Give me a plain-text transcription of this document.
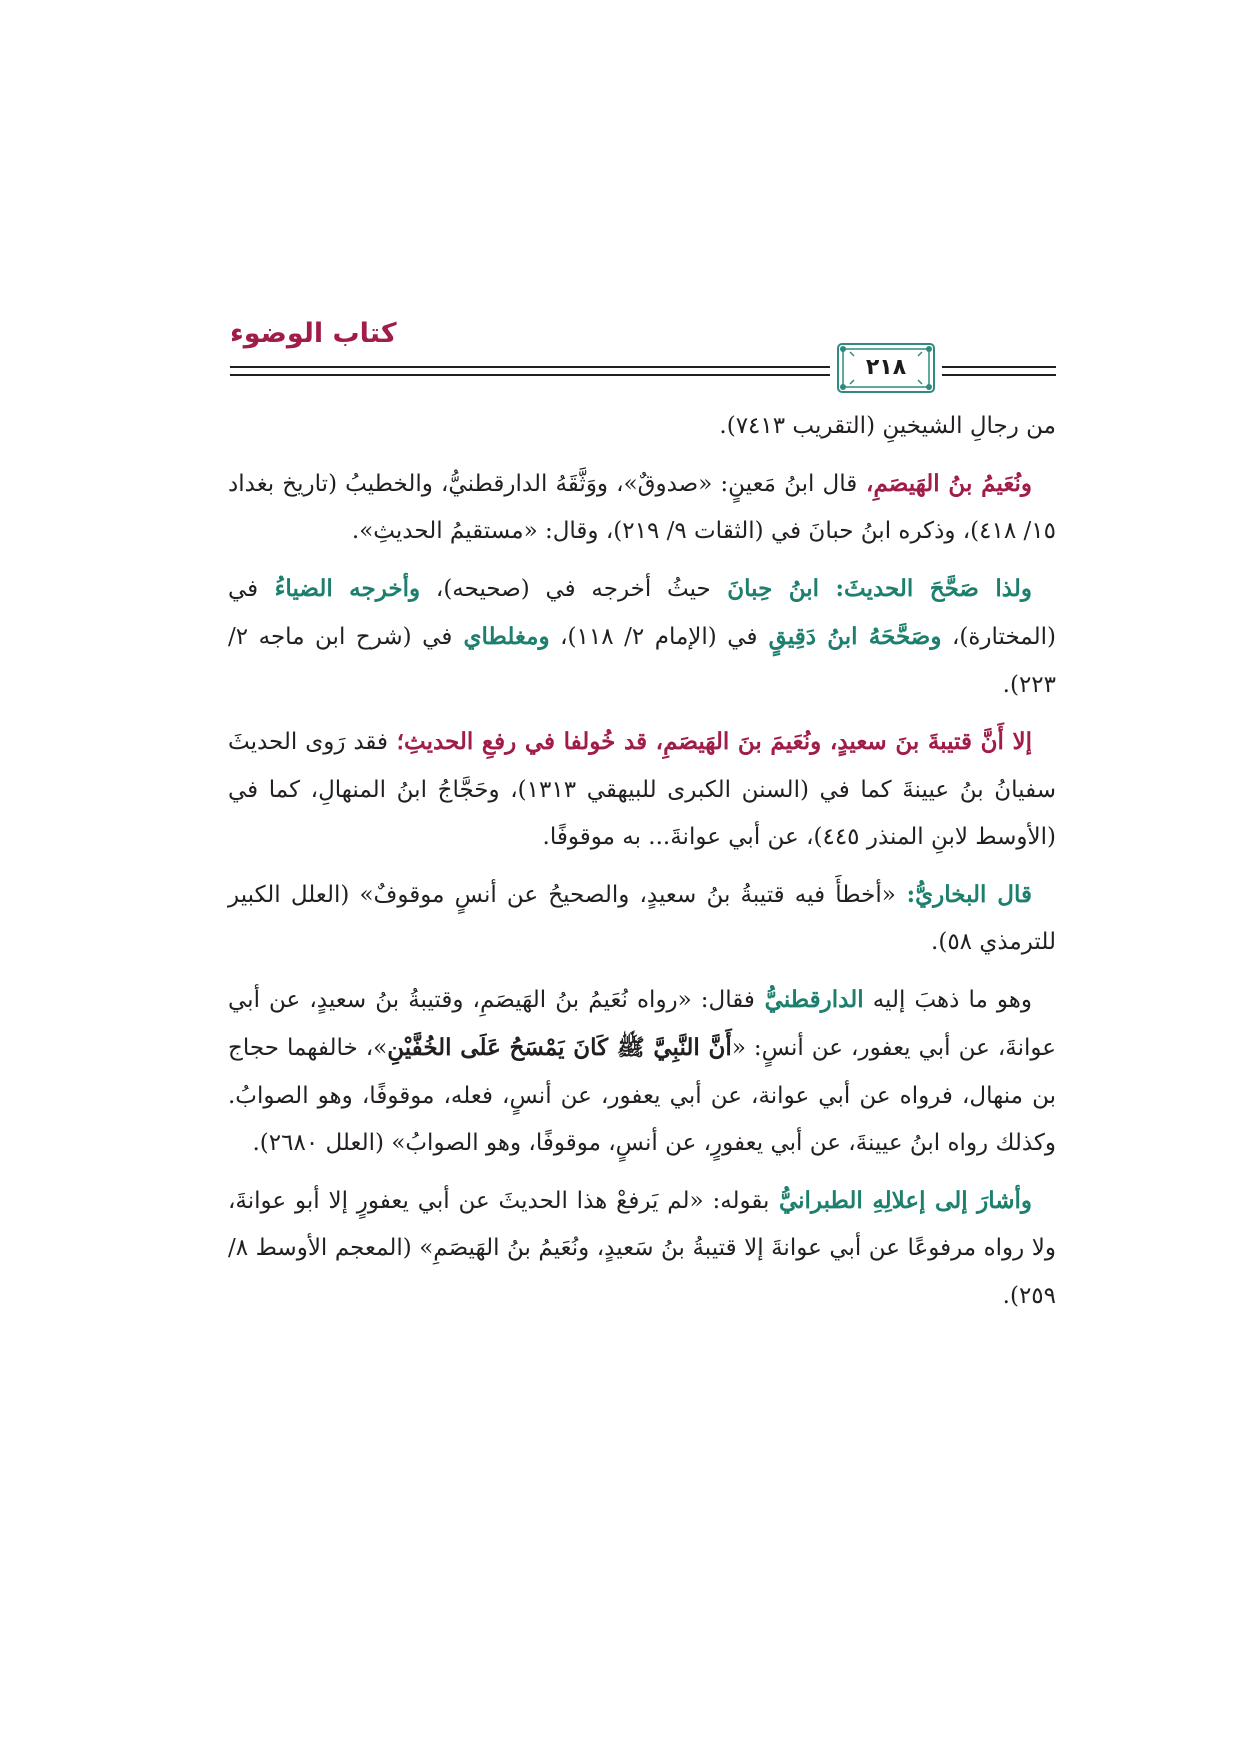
كتاب الوضوء
٢١٨

من رجالِ الشيخينِ (التقريب ٧٤١٣).

ونُعَيمُ بنُ الهَيصَمِ، قال ابنُ مَعينٍ: «صدوقٌ»، ووَثَّقَهُ الدارقطنيُّ، والخطيبُ (تاريخ بغداد ١٥/ ٤١٨)، وذكره ابنُ حبانَ في (الثقات ٩/ ٢١٩)، وقال: «مستقيمُ الحديثِ».

ولذا صَحَّحَ الحديثَ: ابنُ حِبانَ حيثُ أخرجه في (صحيحه)، وأخرجه الضياءُ في (المختارة)، وصَحَّحَهُ ابنُ دَقِيقٍ في (الإمام ٢/ ١١٨)، ومغلطاي في (شرح ابن ماجه ٢/ ٢٢٣).

إلا أَنَّ قتيبةَ بنَ سعيدٍ، ونُعَيمَ بنَ الهَيصَمِ، قد خُولفا في رفعِ الحديثِ؛ فقد رَوى الحديثَ سفيانُ بنُ عيينةَ كما في (السنن الكبرى للبيهقي ١٣١٣)، وحَجَّاجُ ابنُ المنهالِ، كما في (الأوسط لابنِ المنذر ٤٤٥)، عن أبي عوانةَ... به موقوفًا.

قال البخاريُّ: «أخطأَ فيه قتيبةُ بنُ سعيدٍ، والصحيحُ عن أنسٍ موقوفٌ» (العلل الكبير للترمذي ٥٨).

وهو ما ذهبَ إليه الدارقطنيُّ فقال: «رواه نُعَيمُ بنُ الهَيصَمِ، وقتيبةُ بنُ سعيدٍ، عن أبي عوانةَ، عن أبي يعفور، عن أنسٍ: «أَنَّ النَّبِيَّ ﷺ كَانَ يَمْسَحُ عَلَى الخُفَّيْنِ»، خالفهما حجاج بن منهال، فرواه عن أبي عوانة، عن أبي يعفور، عن أنسٍ، فعله، موقوفًا، وهو الصوابُ. وكذلك رواه ابنُ عيينةَ، عن أبي يعفورٍ، عن أنسٍ، موقوفًا، وهو الصوابُ» (العلل ٢٦٨٠).

وأشارَ إلى إعلالِهِ الطبرانيُّ بقوله: «لم يَرفعْ هذا الحديثَ عن أبي يعفورٍ إلا أبو عوانةَ، ولا رواه مرفوعًا عن أبي عوانةَ إلا قتيبةُ بنُ سَعيدٍ، ونُعَيمُ بنُ الهَيصَمِ» (المعجم الأوسط ٨/ ٢٥٩).
